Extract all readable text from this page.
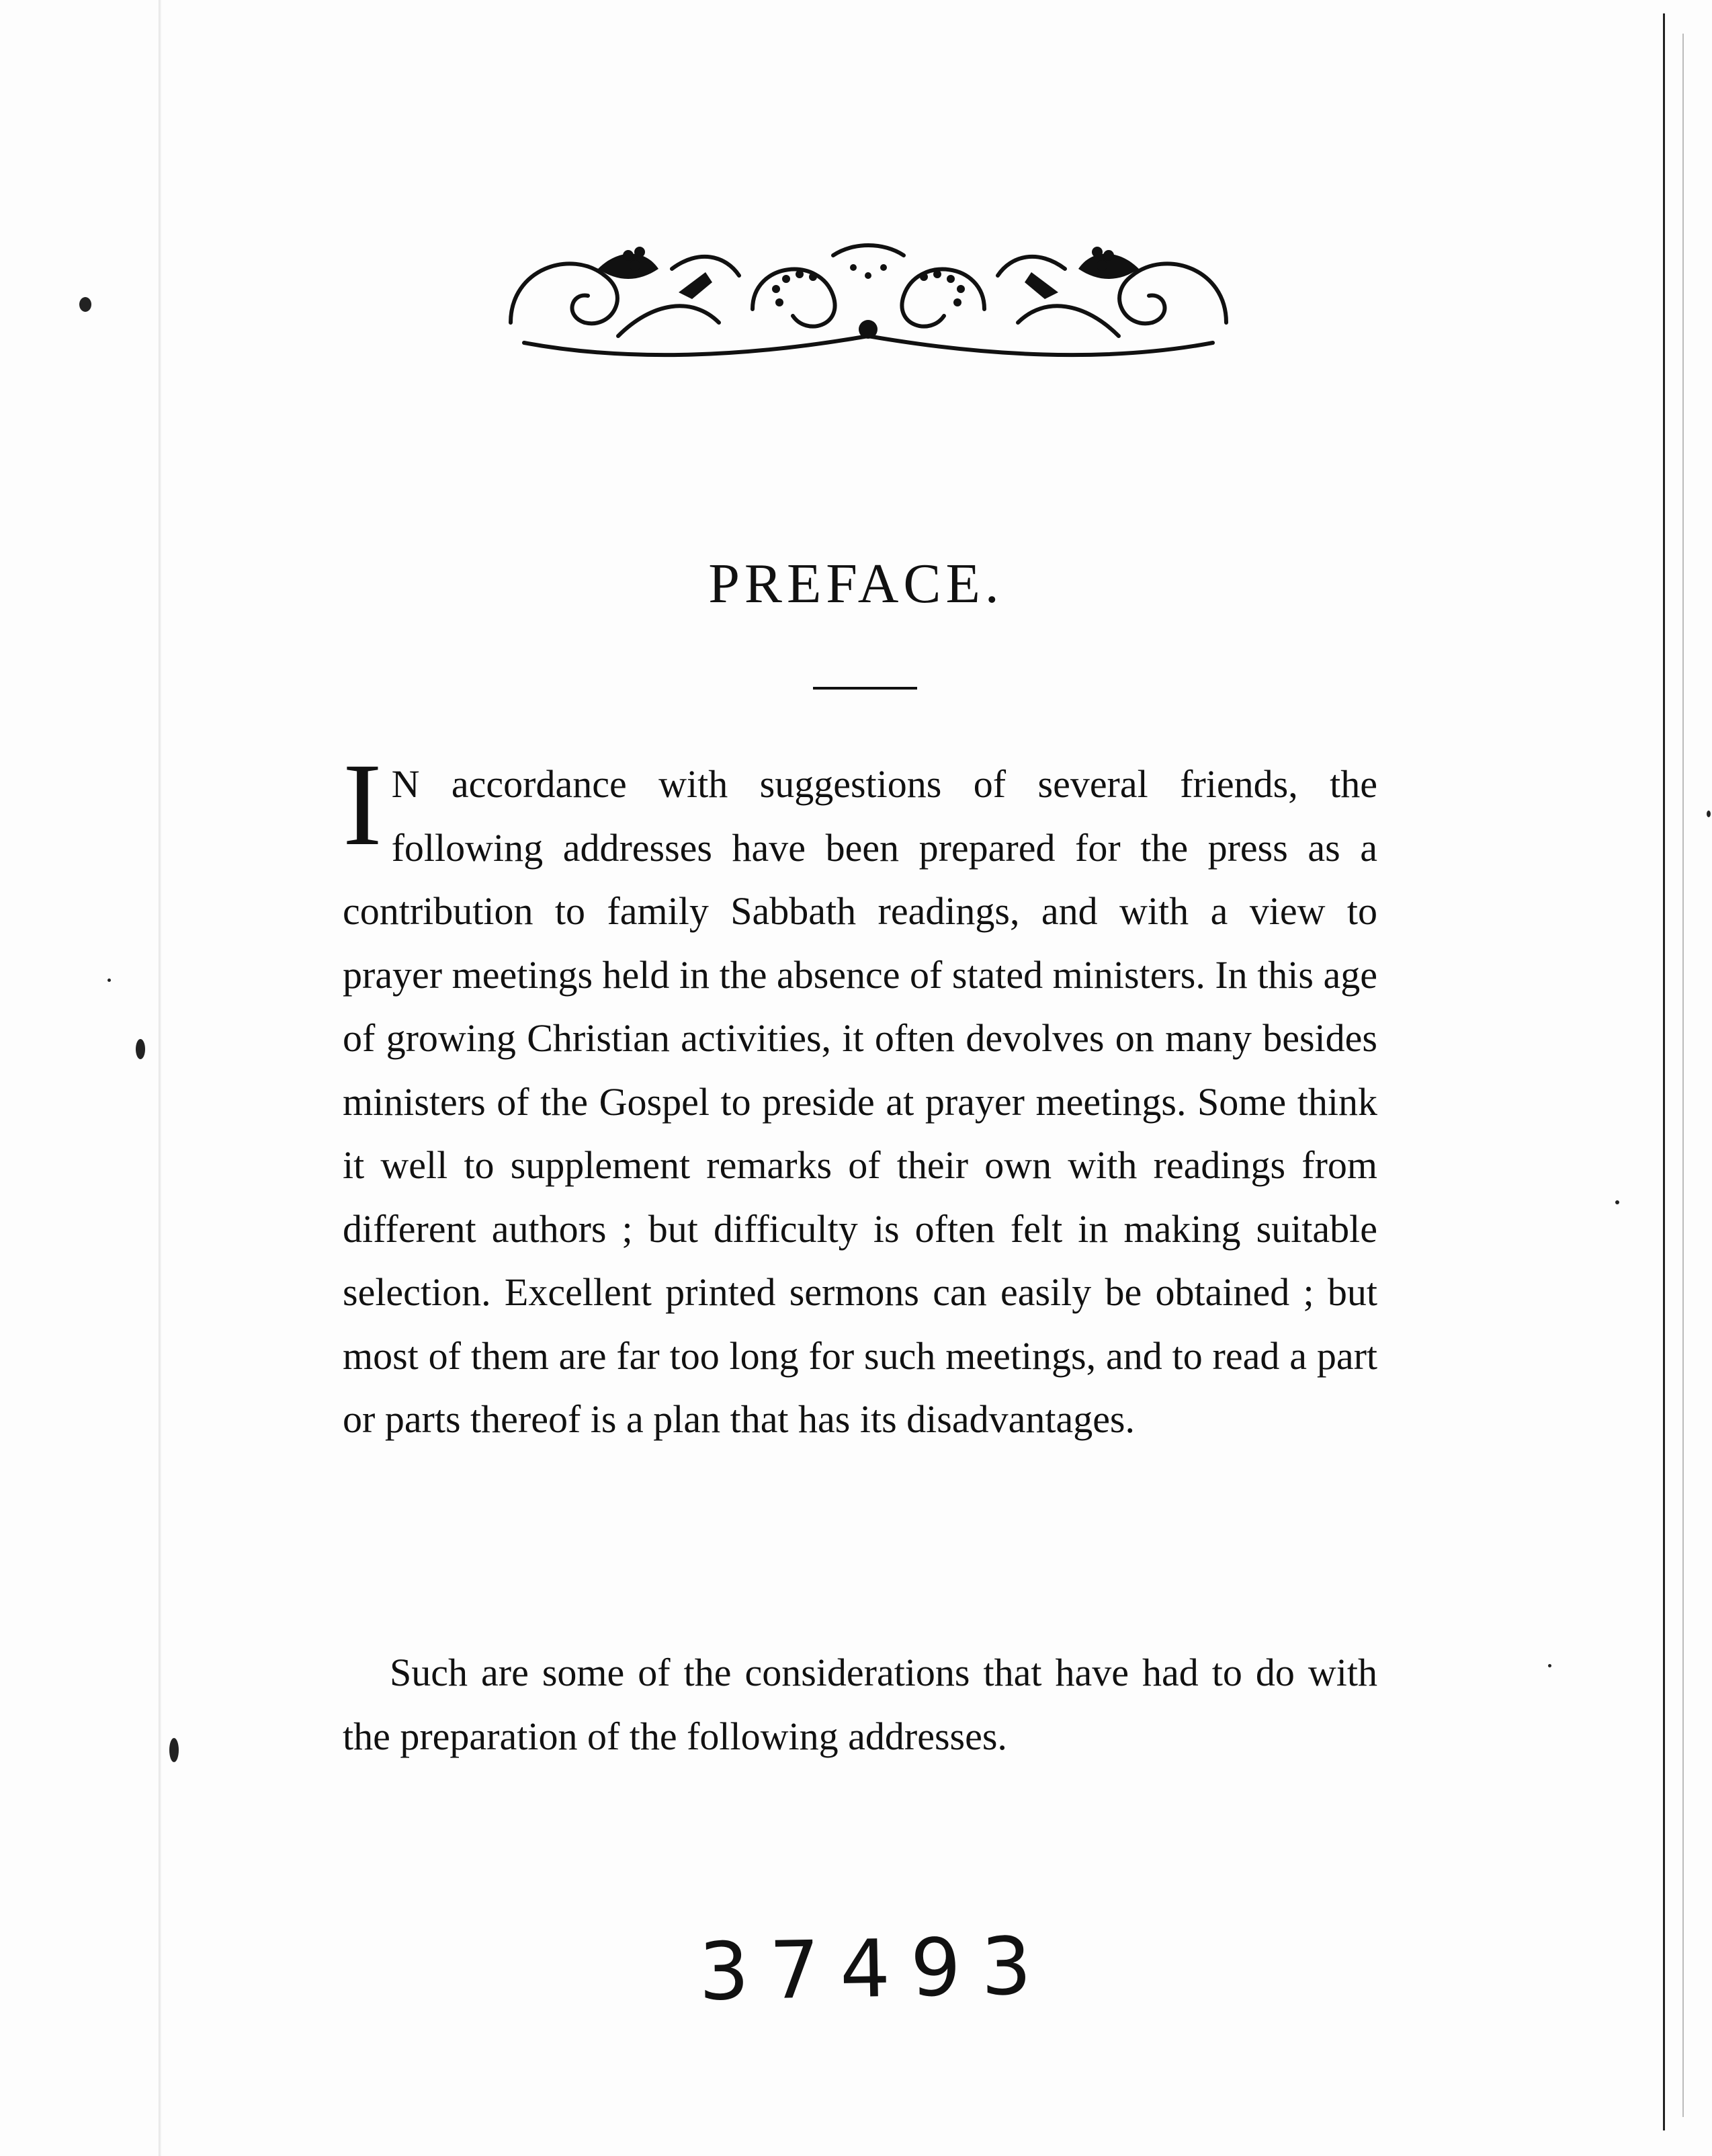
PREFACE.

I N accordance with suggestions of several friends, the following addresses have been prepared for the press as a contribution to family Sabbath readings, and with a view to prayer meetings held in the absence of stated ministers. In this age of growing Christian activities, it often devolves on many besides ministers of the Gospel to preside at prayer meetings. Some think it well to supplement remarks of their own with readings from different authors ; but difficulty is often felt in making suitable selection. Excellent printed sermons can easily be obtained ; but most of them are far too long for such meetings, and to read a part or parts thereof is a plan that has its disadvantages.

Such are some of the considerations that have had to do with the preparation of the following addresses.

37493
